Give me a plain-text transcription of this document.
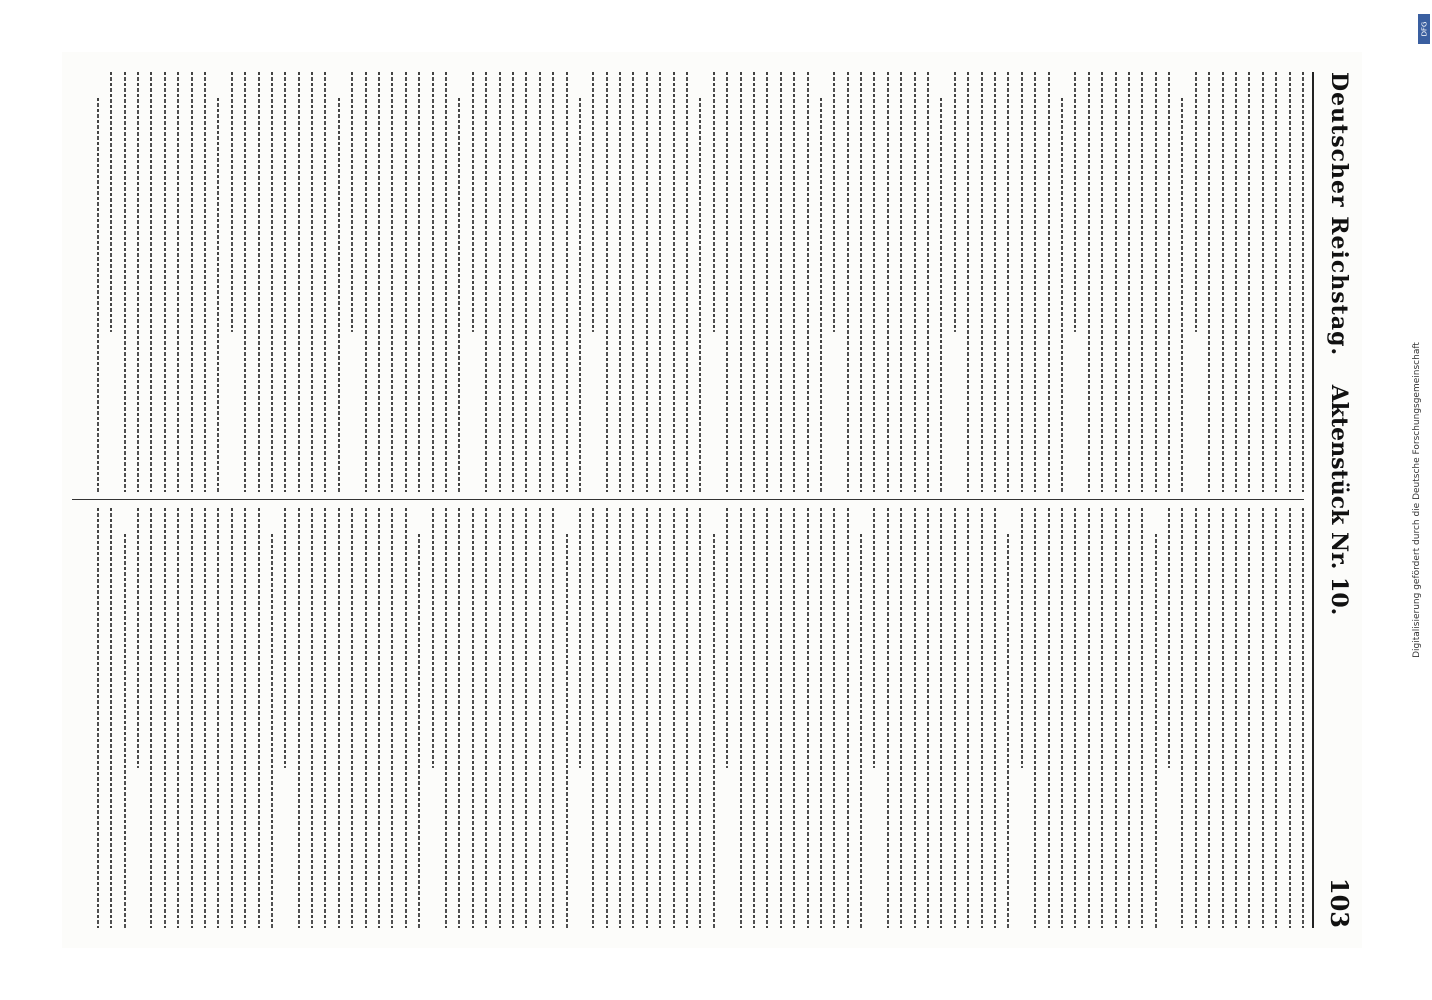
Deutscher Reichstag.
Aktenstück Nr. 10.
103
Digitalisierung gefördert durch die Deutsche Forschungsgemeinschaft
DFG
